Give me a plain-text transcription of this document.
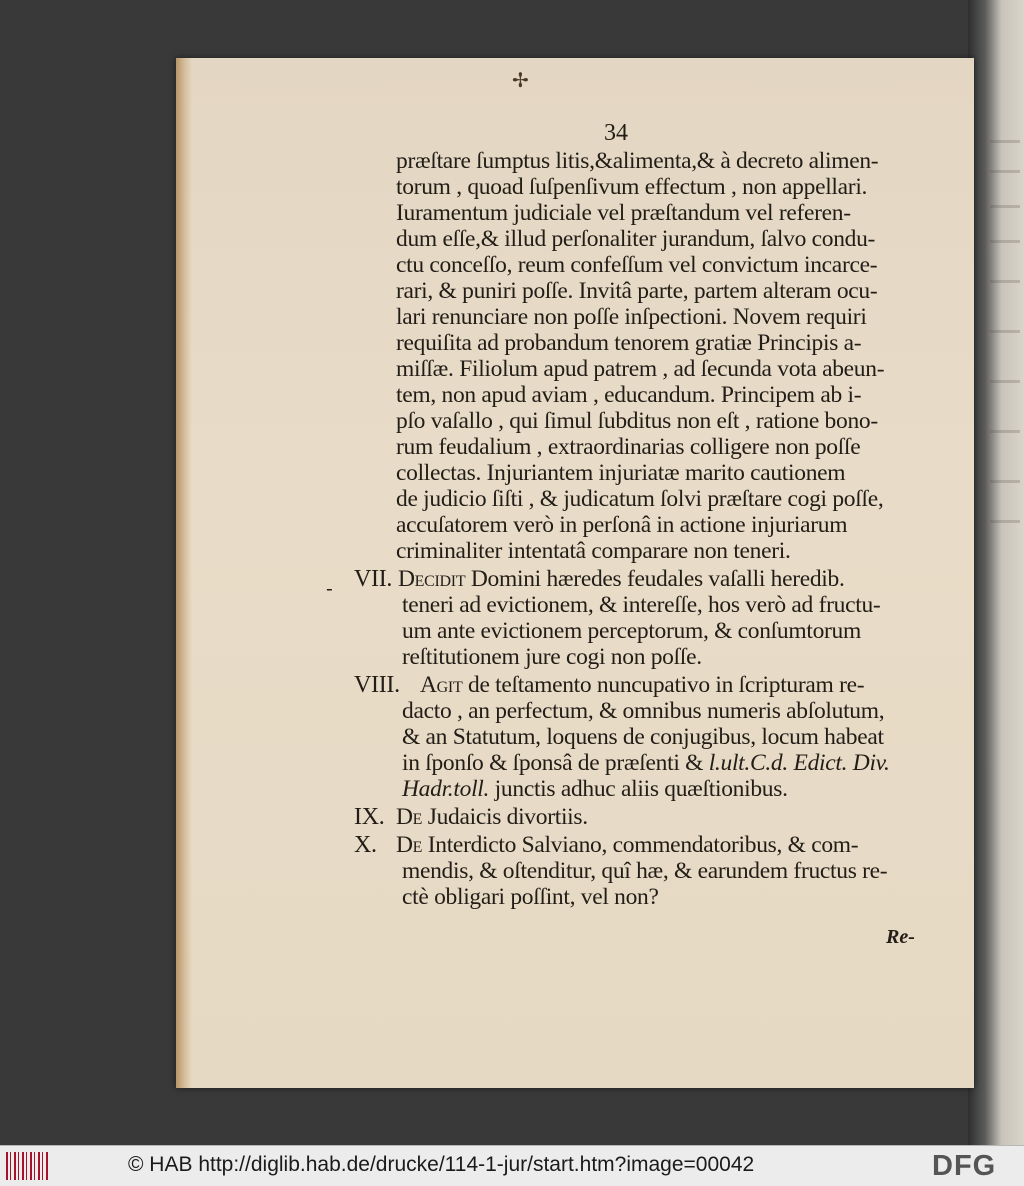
✢
34
præſtare ſumptus litis,&alimenta,& à decreto alimen-
torum , quoad ſuſpenſivum effectum , non appellari.
Iuramentum judiciale vel præſtandum vel referen-
dum eſſe,& illud perſonaliter jurandum, ſalvo condu-
ctu conceſſo, reum confeſſum vel convictum incarce-
rari, & puniri poſſe. Invitâ parte, partem alteram ocu-
lari renunciare non poſſe inſpectioni. Novem requiri
requiſita ad probandum tenorem gratiæ Principis a-
miſſæ. Filiolum apud patrem , ad ſecunda vota abeun-
tem, non apud aviam , educandum. Principem ab i-
pſo vaſallo , qui ſimul ſubditus non eſt , ratione bono-
rum feudalium , extraordinarias colligere non poſſe
collectas. Injuriantem injuriatæ marito cautionem
de judicio ſiſti , & judicatum ſolvi præſtare cogi poſſe,
accuſatorem verò in perſonâ in actione injuriarum
criminaliter intentatâ comparare non teneri.
VII. Decidit Domini hæredes feudales vaſalli heredib.
teneri ad evictionem, & intereſſe, hos verò ad fructu-
um ante evictionem perceptorum, & conſumtorum
reſtitutionem jure cogi non poſſe.
VIII. Agit de teſtamento nuncupativo in ſcripturam re-
dacto , an perfectum, & omnibus numeris abſolutum,
& an Statutum, loquens de conjugibus, locum habeat
in ſponſo & ſponsâ de præſenti & l.ult.C.d. Edict. Div.
Hadr.toll. junctis adhuc aliis quæſtionibus.
IX. De Judaicis divortiis.
X. De Interdicto Salviano, commendatoribus, & com-
mendis, & oſtenditur, quî hæ, & earundem fructus re-
ctè obligari poſſint, vel non?
-
Re-
© HAB http://diglib.hab.de/drucke/114-1-jur/start.htm?image=00042	DFG
